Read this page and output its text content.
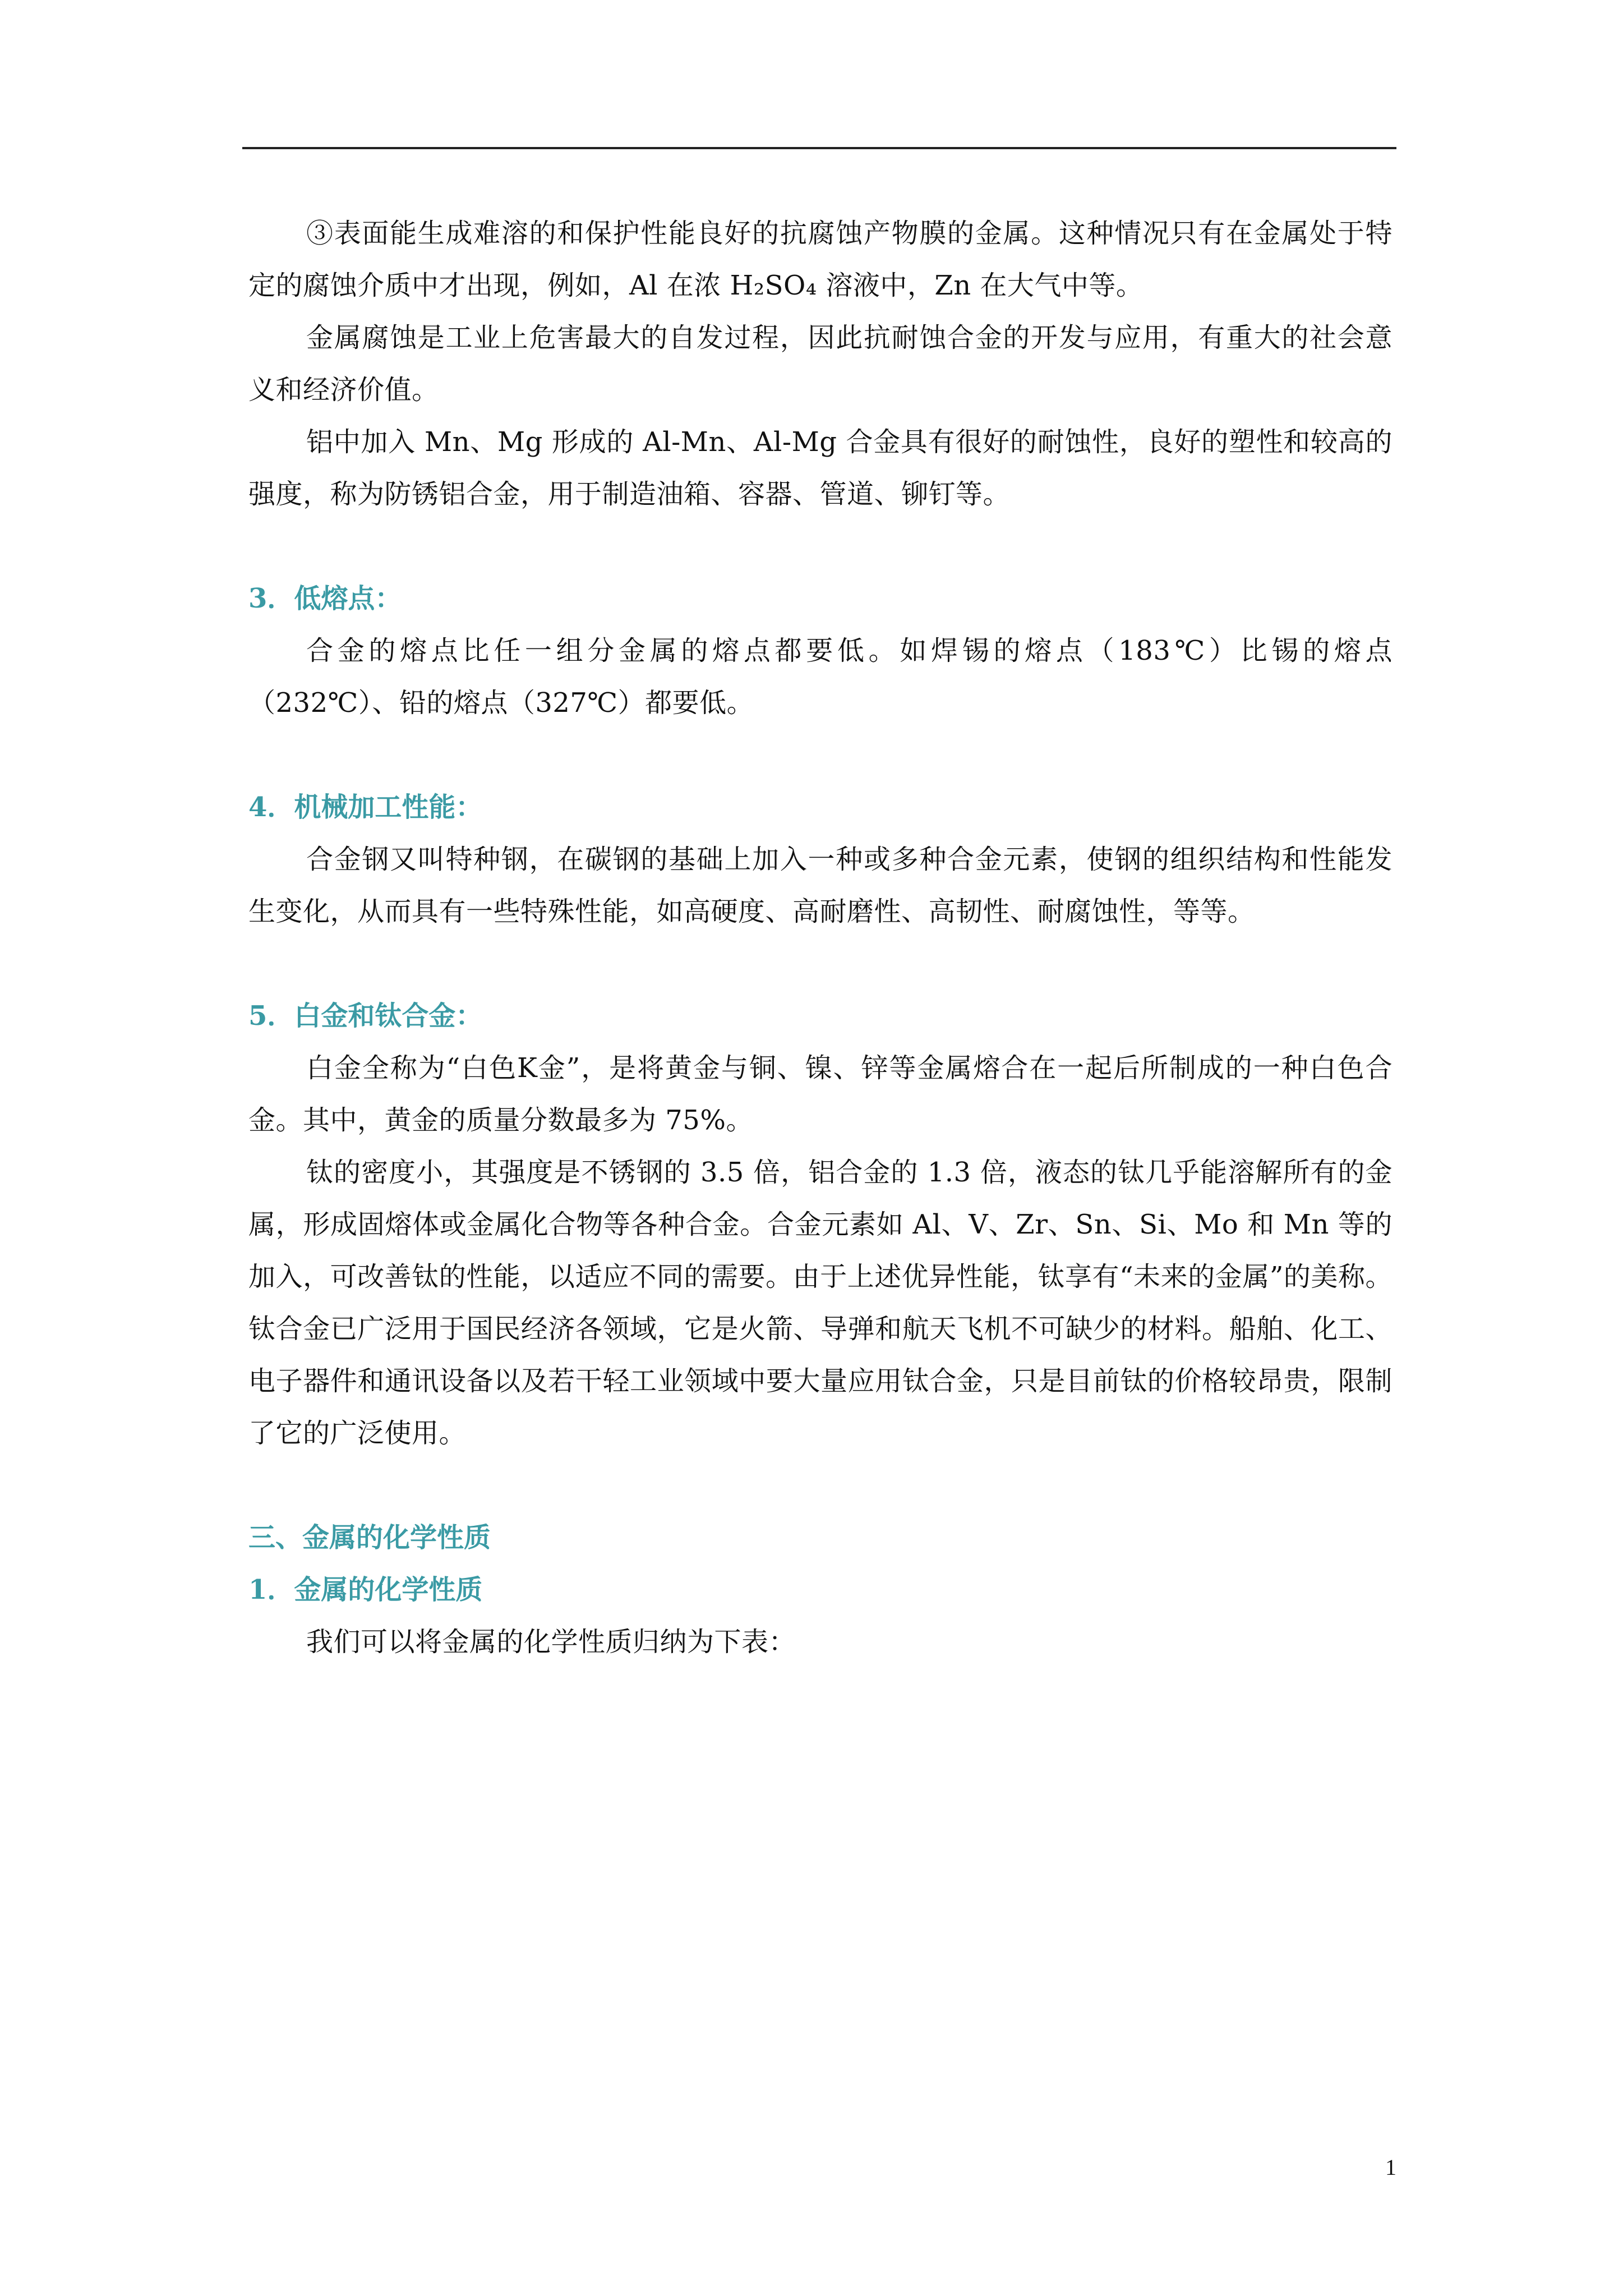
③表面能生成难溶的和保护性能良好的抗腐蚀产物膜的金属。这种情况只有在金属处于特定的腐蚀介质中才出现，例如，Al 在浓 H₂SO₄ 溶液中，Zn 在大气中等。

金属腐蚀是工业上危害最大的自发过程，因此抗耐蚀合金的开发与应用，有重大的社会意义和经济价值。

铝中加入 Mn、Mg 形成的 Al-Mn、Al-Mg 合金具有很好的耐蚀性，良好的塑性和较高的强度，称为防锈铝合金，用于制造油箱、容器、管道、铆钉等。

3．低熔点：

合金的熔点比任一组分金属的熔点都要低。如焊锡的熔点（183℃）比锡的熔点（232℃）、铅的熔点（327℃）都要低。

4．机械加工性能：

合金钢又叫特种钢，在碳钢的基础上加入一种或多种合金元素，使钢的组织结构和性能发生变化，从而具有一些特殊性能，如高硬度、高耐磨性、高韧性、耐腐蚀性，等等。

5．白金和钛合金：

白金全称为“白色K金”，是将黄金与铜、镍、锌等金属熔合在一起后所制成的一种白色合金。其中，黄金的质量分数最多为 75%。

钛的密度小，其强度是不锈钢的 3.5 倍，铝合金的 1.3 倍，液态的钛几乎能溶解所有的金属，形成固熔体或金属化合物等各种合金。合金元素如 Al、V、Zr、Sn、Si、Mo 和 Mn 等的加入，可改善钛的性能，以适应不同的需要。由于上述优异性能，钛享有“未来的金属”的美称。钛合金已广泛用于国民经济各领域，它是火箭、导弹和航天飞机不可缺少的材料。船舶、化工、电子器件和通讯设备以及若干轻工业领域中要大量应用钛合金，只是目前钛的价格较昂贵，限制了它的广泛使用。

三、金属的化学性质

1．金属的化学性质

我们可以将金属的化学性质归纳为下表：

1
